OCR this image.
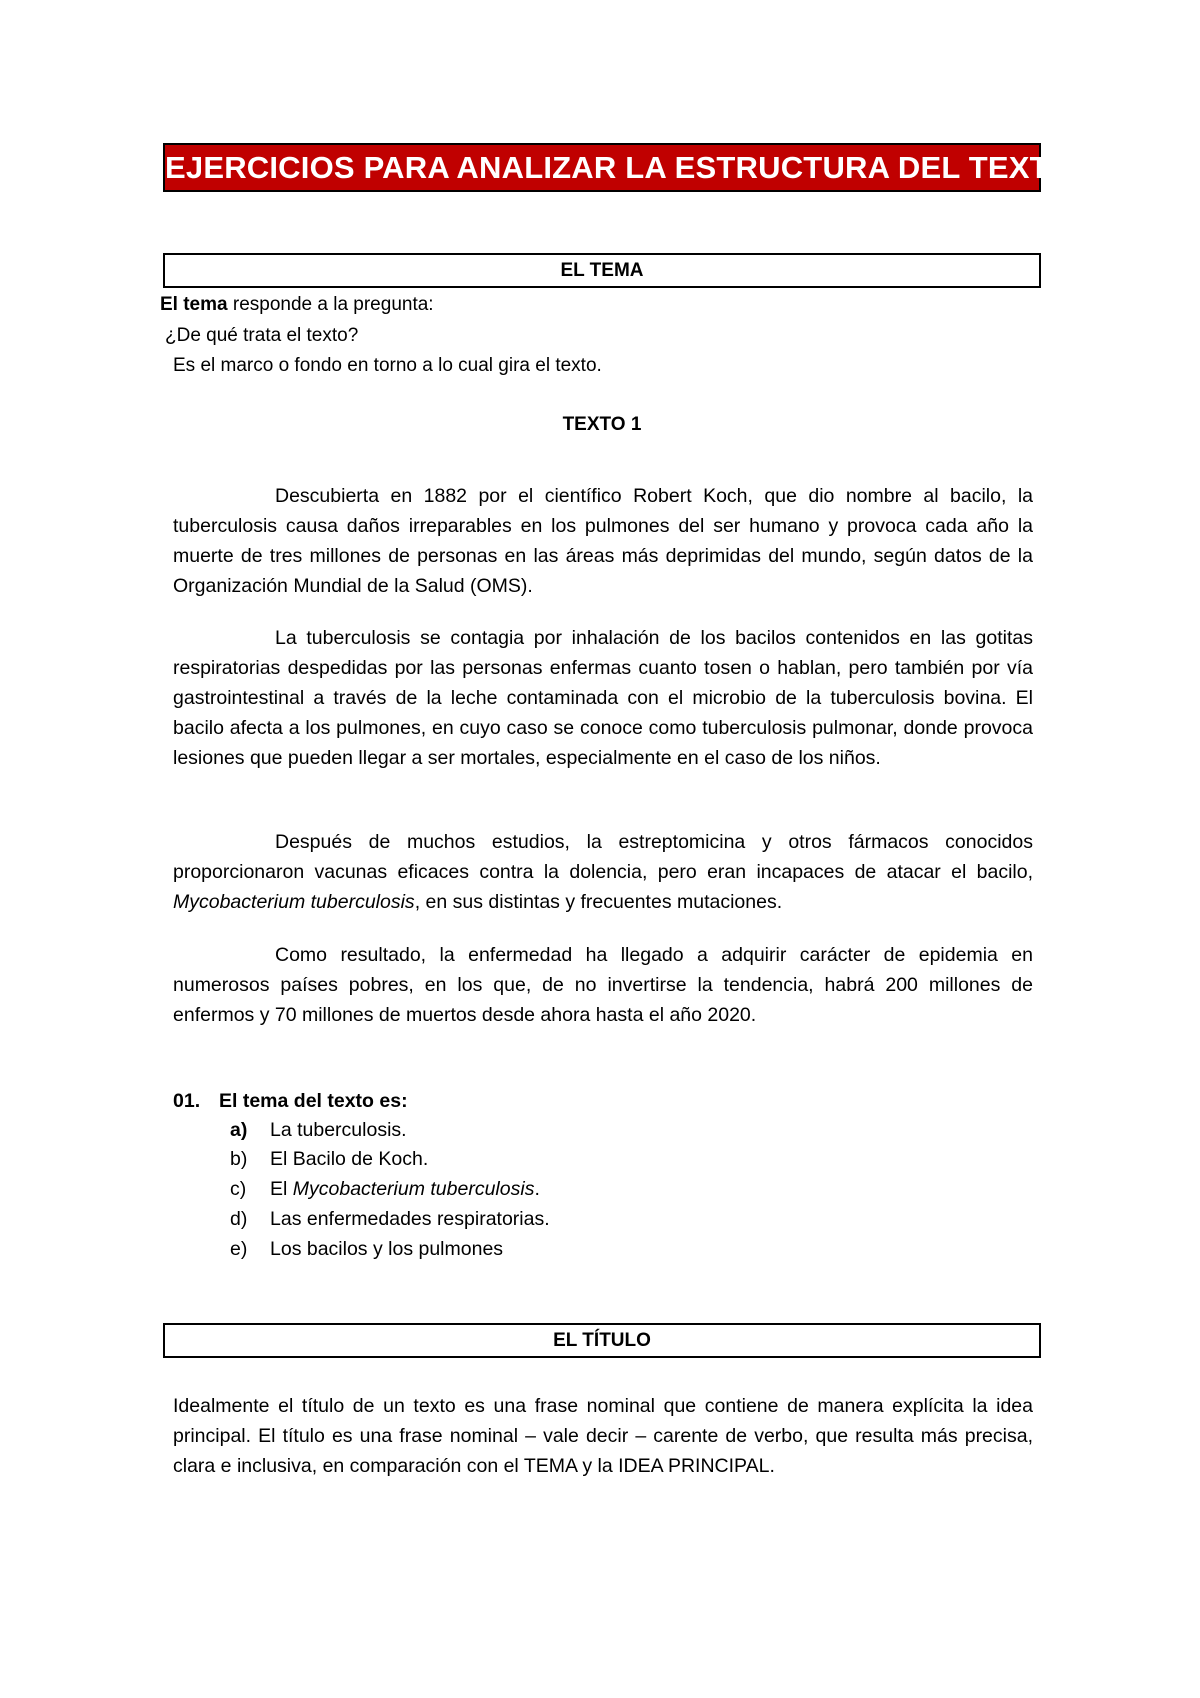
EJERCICIOS PARA ANALIZAR LA ESTRUCTURA DEL TEXTO
EL TEMA
El tema responde a la pregunta:
¿De qué trata el texto?
Es el marco o fondo en torno a lo cual gira el texto.
TEXTO 1

Descubierta en 1882 por el científico Robert Koch, que dio nombre al bacilo, la tuberculosis causa daños irreparables en los pulmones del ser humano y provoca cada año la muerte de tres millones de personas en las áreas más deprimidas del mundo, según datos de la Organización Mundial de la Salud (OMS).

La tuberculosis se contagia por inhalación de los bacilos contenidos en las gotitas respiratorias despedidas por las personas enfermas cuanto tosen o hablan, pero también por vía gastrointestinal a través de la leche contaminada con el microbio de la tuberculosis bovina. El bacilo afecta a los pulmones, en cuyo caso se conoce como tuberculosis pulmonar, donde provoca lesiones que pueden llegar a ser mortales, especialmente en el caso de los niños.

Después de muchos estudios, la estreptomicina y otros fármacos conocidos proporcionaron vacunas eficaces contra la dolencia, pero eran incapaces de atacar el bacilo, Mycobacterium tuberculosis, en sus distintas y frecuentes mutaciones.

Como resultado, la enfermedad ha llegado a adquirir carácter de epidemia en numerosos países pobres, en los que, de no invertirse la tendencia, habrá 200 millones de enfermos y 70 millones de muertos desde ahora hasta el año 2020.

01. El tema del texto es:
a) La tuberculosis.
b) El Bacilo de Koch.
c) El Mycobacterium tuberculosis.
d) Las enfermedades respiratorias.
e) Los bacilos y los pulmones
EL TÍTULO

Idealmente el título de un texto es una frase nominal que contiene de manera explícita la idea principal. El título es una frase nominal – vale decir – carente de verbo, que resulta más precisa, clara e inclusiva, en comparación con el TEMA y la IDEA PRINCIPAL.
